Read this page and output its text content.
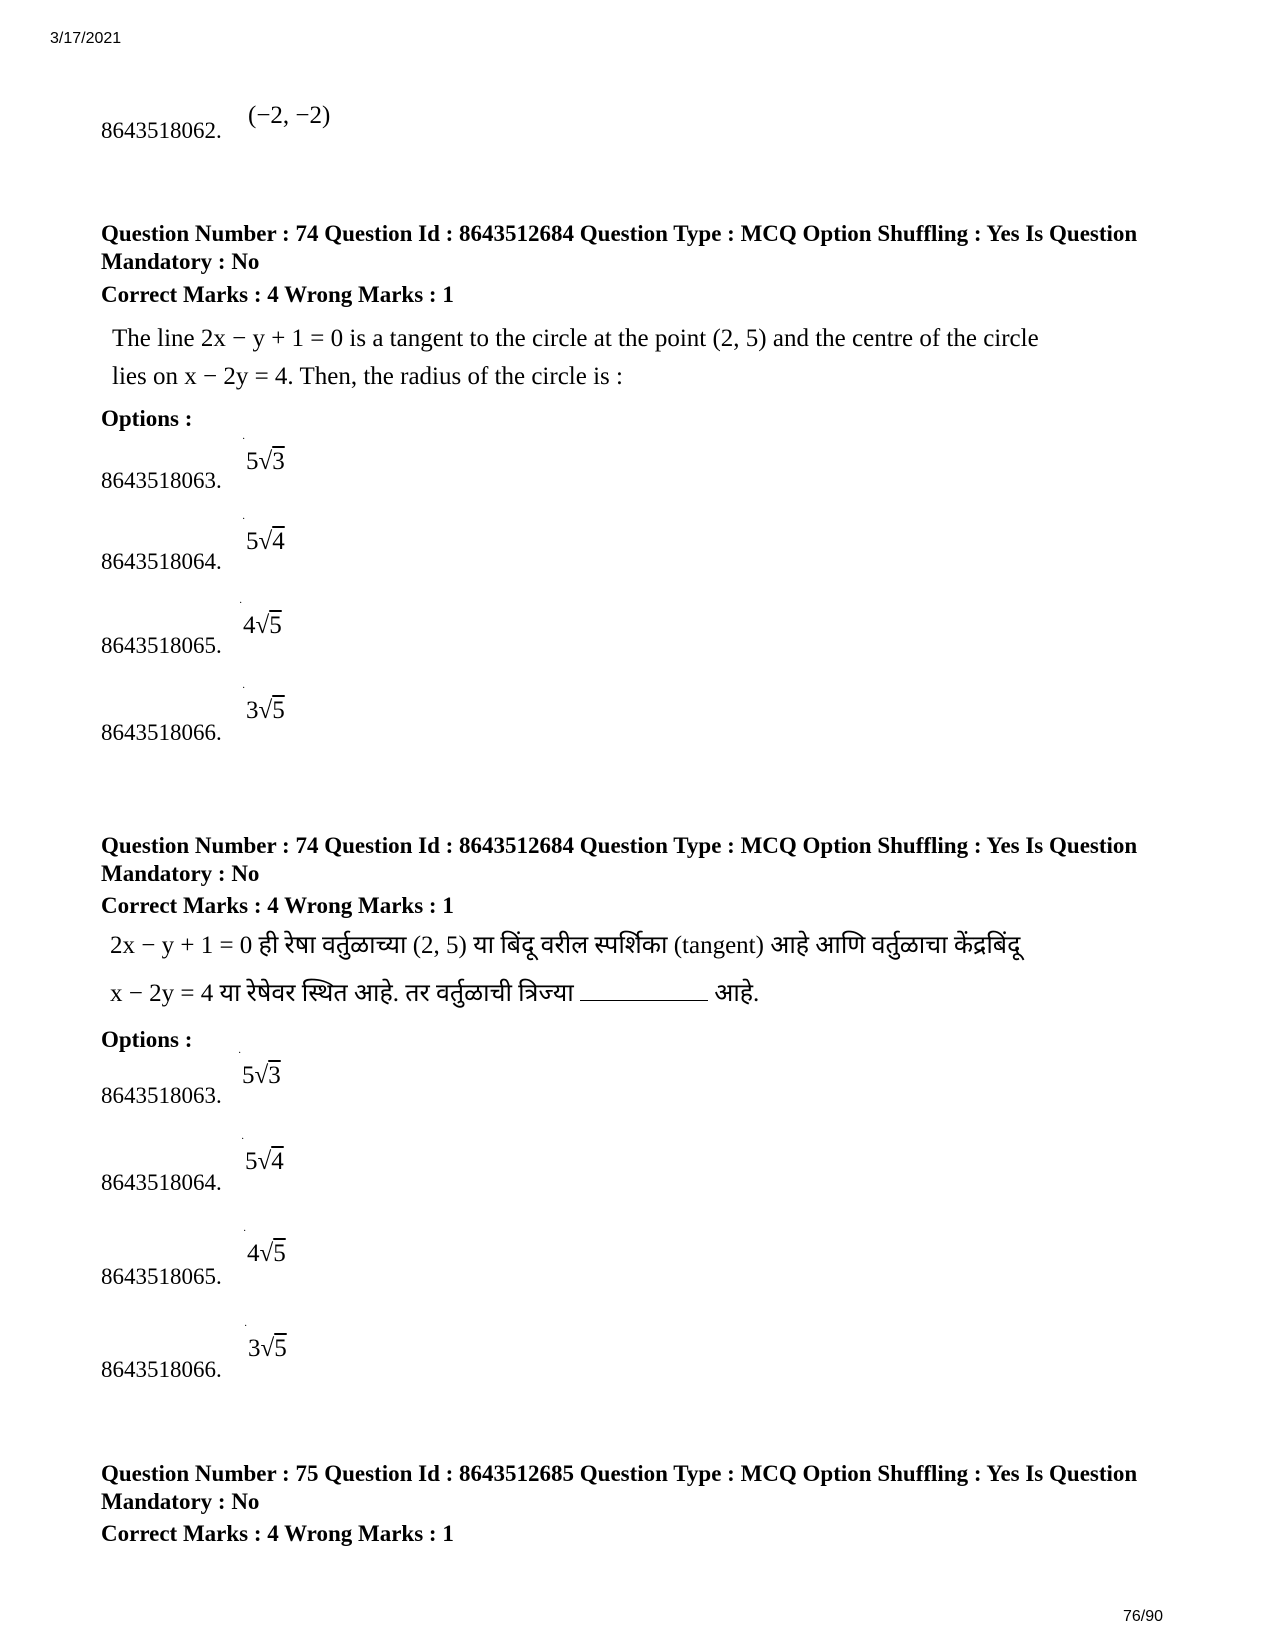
3/17/2021
8643518062.
(−2, −2)
Question Number : 74 Question Id : 8643512684 Question Type : MCQ Option Shuffling : Yes Is Question Mandatory : No
Correct Marks : 4 Wrong Marks : 1
The line 2x − y + 1 = 0 is a tangent to the circle at the point (2, 5) and the centre of the circle
lies on x − 2y = 4. Then, the radius of the circle is :
Options :
8643518063.
·
5√3
8643518064.
·
5√4
8643518065.
·
4√5
8643518066.
·
3√5
Question Number : 74 Question Id : 8643512684 Question Type : MCQ Option Shuffling : Yes Is Question Mandatory : No
Correct Marks : 4 Wrong Marks : 1
2x − y + 1 = 0 ही रेषा वर्तुळाच्या (2, 5) या बिंदू वरील स्पर्शिका (tangent) आहे आणि वर्तुळाचा केंद्रबिंदू
x − 2y = 4 या रेषेवर स्थित आहे. तर वर्तुळाची त्रिज्या	आहे.
Options :
8643518063.
·
5√3
8643518064.
·
5√4
8643518065.
·
4√5
8643518066.
·
3√5
Question Number : 75 Question Id : 8643512685 Question Type : MCQ Option Shuffling : Yes Is Question Mandatory : No
Correct Marks : 4 Wrong Marks : 1
76/90
